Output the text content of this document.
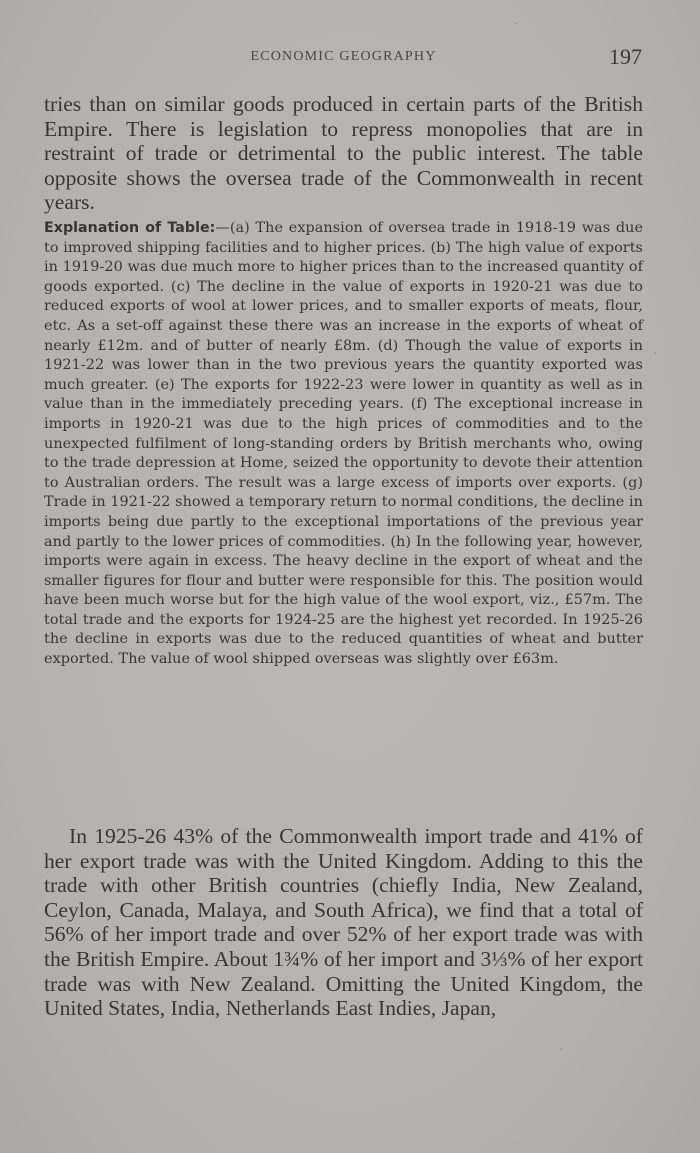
ECONOMIC GEOGRAPHY	197

tries than on similar goods produced in certain parts of the British Empire. There is legislation to repress monopolies that are in restraint of trade or detrimental to the public interest. The table opposite shows the oversea trade of the Commonwealth in recent years.

Explanation of Table:—(a) The expansion of oversea trade in 1918-19 was due to improved shipping facilities and to higher prices. (b) The high value of exports in 1919-20 was due much more to higher prices than to the increased quantity of goods exported. (c) The decline in the value of exports in 1920-21 was due to reduced exports of wool at lower prices, and to smaller exports of meats, flour, etc. As a set-off against these there was an increase in the exports of wheat of nearly £12m. and of butter of nearly £8m. (d) Though the value of exports in 1921-22 was lower than in the two previous years the quantity exported was much greater. (e) The exports for 1922-23 were lower in quantity as well as in value than in the immediately preceding years. (f) The exceptional increase in imports in 1920-21 was due to the high prices of commodities and to the unexpected fulfilment of long-standing orders by British merchants who, owing to the trade depression at Home, seized the opportunity to devote their attention to Australian orders. The result was a large excess of imports over exports. (g) Trade in 1921-22 showed a temporary return to normal conditions, the decline in imports being due partly to the exceptional importations of the previous year and partly to the lower prices of commodities. (h) In the following year, however, imports were again in excess. The heavy decline in the export of wheat and the smaller figures for flour and butter were responsible for this. The position would have been much worse but for the high value of the wool export, viz., £57m. The total trade and the exports for 1924-25 are the highest yet recorded. In 1925-26 the decline in exports was due to the reduced quantities of wheat and butter exported. The value of wool shipped overseas was slightly over £63m.

In 1925-26 43% of the Commonwealth import trade and 41% of her export trade was with the United Kingdom. Adding to this the trade with other British countries (chiefly India, New Zealand, Ceylon, Canada, Malaya, and South Africa), we find that a total of 56% of her import trade and over 52% of her export trade was with the British Empire. About 1¾% of her import and 3⅓% of her export trade was with New Zealand. Omitting the United Kingdom, the United States, India, Netherlands East Indies, Japan,
